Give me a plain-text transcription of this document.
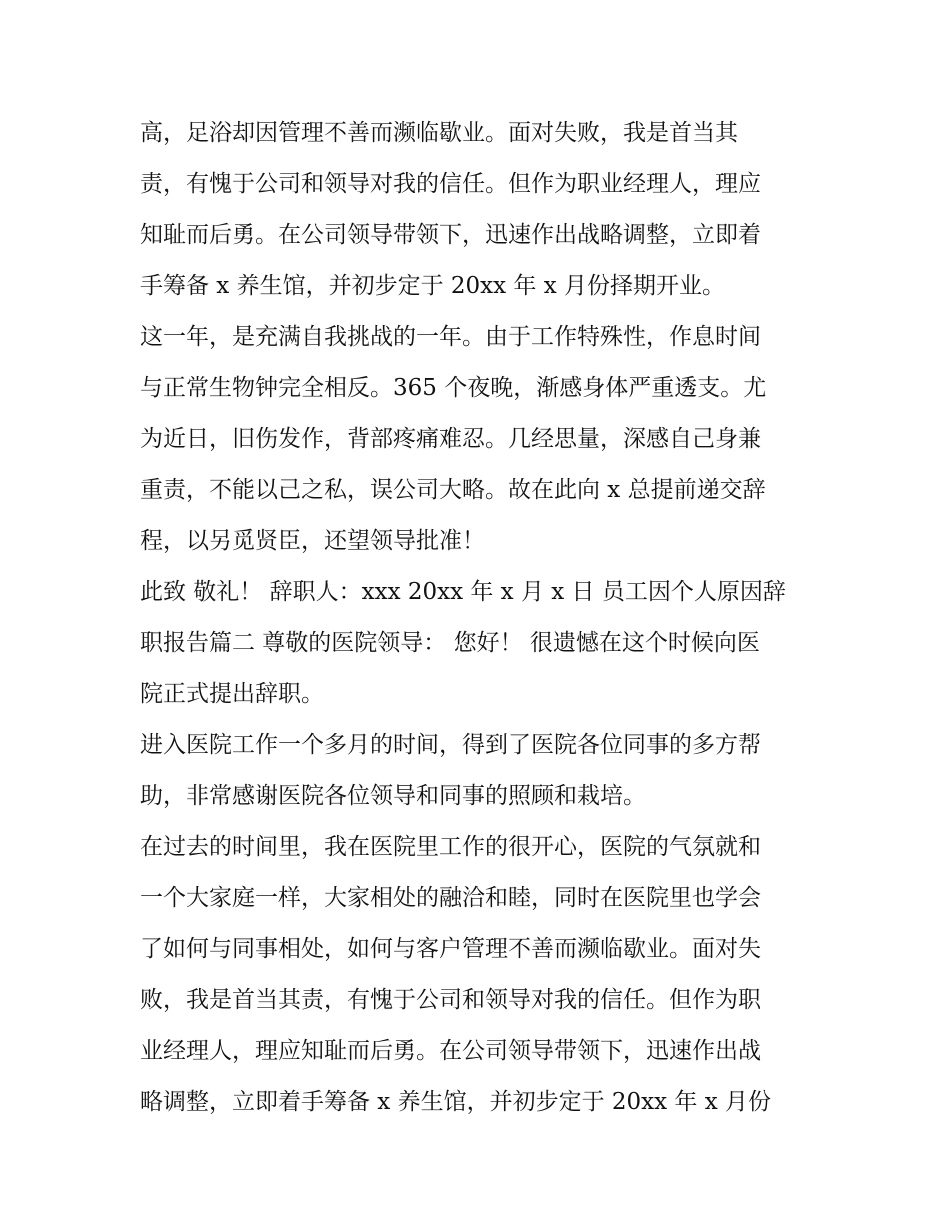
高，足浴却因管理不善而濒临歇业。面对失败，我是首当其
责，有愧于公司和领导对我的信任。但作为职业经理人，理应
知耻而后勇。在公司领导带领下，迅速作出战略调整，立即着
手筹备 x 养生馆，并初步定于 20xx 年 x 月份择期开业。
这一年，是充满自我挑战的一年。由于工作特殊性，作息时间
与正常生物钟完全相反。365 个夜晚，渐感身体严重透支。尤
为近日，旧伤发作，背部疼痛难忍。几经思量，深感自己身兼
重责，不能以己之私，误公司大略。故在此向 x 总提前递交辞
程，以另觅贤臣，还望领导批准！
此致 敬礼！ 辞职人：xxx 20xx 年 x 月 x 日 员工因个人原因辞
职报告篇二 尊敬的医院领导： 您好！ 很遗憾在这个时候向医
院正式提出辞职。
进入医院工作一个多月的时间，得到了医院各位同事的多方帮
助，非常感谢医院各位领导和同事的照顾和栽培。
在过去的时间里，我在医院里工作的很开心，医院的气氛就和
一个大家庭一样，大家相处的融洽和睦，同时在医院里也学会
了如何与同事相处，如何与客户管理不善而濒临歇业。面对失
败，我是首当其责，有愧于公司和领导对我的信任。但作为职
业经理人，理应知耻而后勇。在公司领导带领下，迅速作出战
略调整，立即着手筹备 x 养生馆，并初步定于 20xx 年 x 月份
